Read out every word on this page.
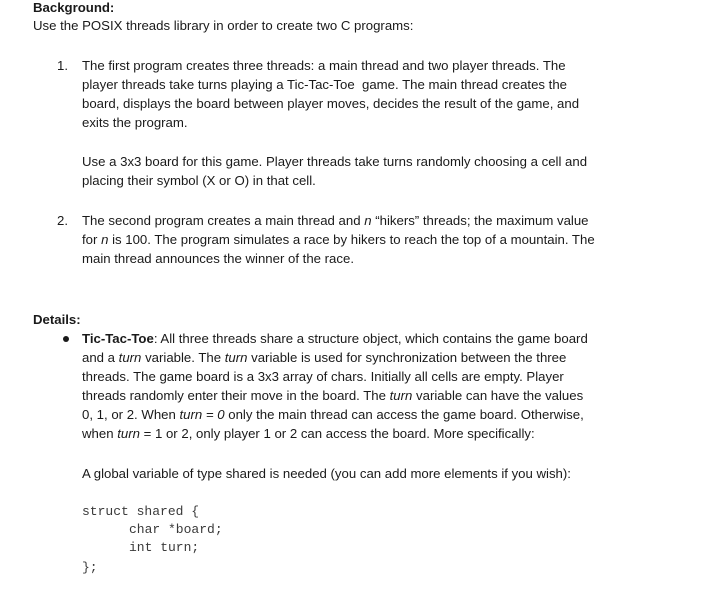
Background:
Use the POSIX threads library in order to create two C programs:
1. The first program creates three threads: a main thread and two player threads. The
player threads take turns playing a Tic-Tac-Toe  game. The main thread creates the
board, displays the board between player moves, decides the result of the game, and
exits the program.
Use a 3x3 board for this game. Player threads take turns randomly choosing a cell and
placing their symbol (X or O) in that cell.
2. The second program creates a main thread and n “hikers” threads; the maximum value
for n is 100. The program simulates a race by hikers to reach the top of a mountain. The
main thread announces the winner of the race.
Details:
Tic-Tac-Toe: All three threads share a structure object, which contains the game board
and a turn variable. The turn variable is used for synchronization between the three
threads. The game board is a 3x3 array of chars. Initially all cells are empty. Player
threads randomly enter their move in the board. The turn variable can have the values
0, 1, or 2. When turn = 0 only the main thread can access the game board. Otherwise,
when turn = 1 or 2, only player 1 or 2 can access the board. More specifically:
A global variable of type shared is needed (you can add more elements if you wish):
struct shared {
char *board;
int turn;
};
